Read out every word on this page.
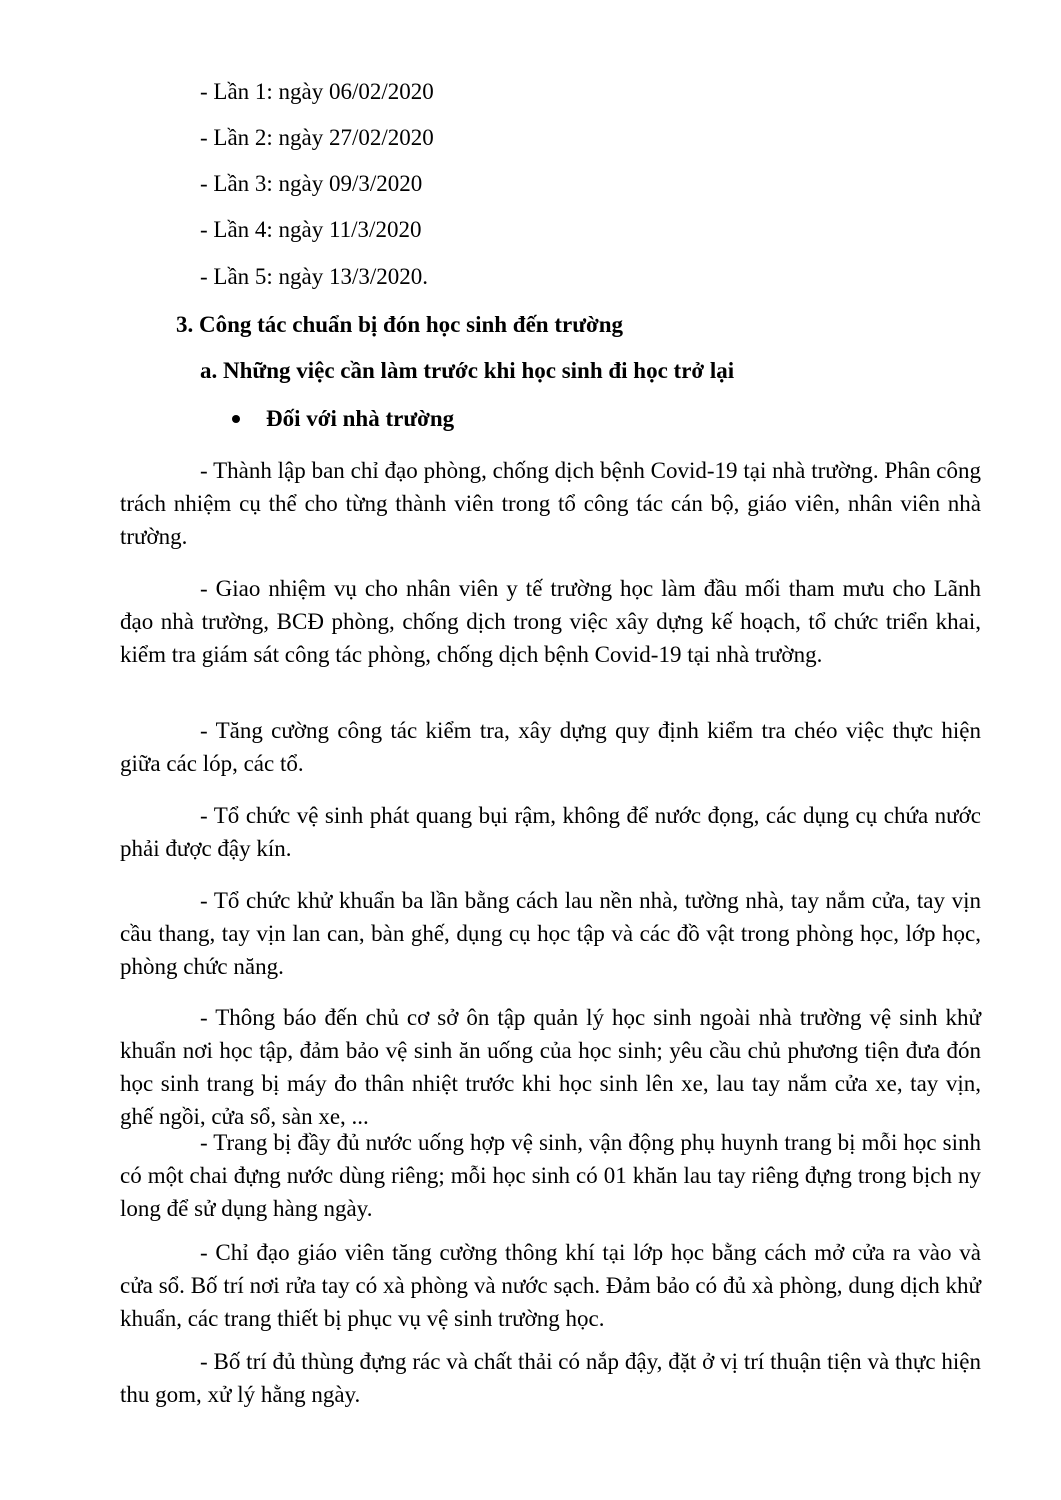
- Lần 1: ngày 06/02/2020
- Lần 2: ngày 27/02/2020
- Lần 3: ngày 09/3/2020
- Lần 4: ngày 11/3/2020
- Lần 5: ngày 13/3/2020.
3. Công tác chuẩn bị đón học sinh đến trường
a. Những việc cần làm trước khi học sinh đi học trở lại
Đối với nhà trường

- Thành lập ban chỉ đạo phòng, chống dịch bệnh Covid-19 tại nhà trường. Phân công trách nhiệm cụ thể cho từng thành viên trong tổ công tác cán bộ, giáo viên, nhân viên nhà trường.

- Giao nhiệm vụ cho nhân viên y tế trường học làm đầu mối tham mưu cho Lãnh đạo nhà trường, BCĐ phòng, chống dịch trong việc xây dựng kế hoạch, tổ chức triển khai, kiểm tra giám sát công tác phòng, chống dịch bệnh Covid-19 tại nhà trường.

- Tăng cường công tác kiểm tra, xây dựng quy định kiểm tra chéo việc thực hiện giữa các lóp, các tổ.

- Tổ chức vệ sinh phát quang bụi rậm, không để nước đọng, các dụng cụ chứa nước phải được đậy kín.

- Tổ chức khử khuẩn ba lần bằng cách lau nền nhà, tường nhà, tay nắm cửa, tay vịn cầu thang, tay vịn lan can, bàn ghế, dụng cụ học tập và các đồ vật trong phòng học, lớp học, phòng chức năng.

- Thông báo đến chủ cơ sở ôn tập quản lý học sinh ngoài nhà trường vệ sinh khử khuẩn nơi học tập, đảm bảo vệ sinh ăn uống của học sinh; yêu cầu chủ phương tiện đưa đón học sinh trang bị máy đo thân nhiệt trước khi học sinh lên xe, lau tay nắm cửa xe, tay vịn, ghế ngồi, cửa sổ, sàn xe, ...

- Trang bị đầy đủ nước uống hợp vệ sinh, vận động phụ huynh trang bị mỗi học sinh có một chai đựng nước dùng riêng; mỗi học sinh có 01 khăn lau tay riêng đựng trong bịch ny long để sử dụng hàng ngày.

- Chỉ đạo giáo viên tăng cường thông khí tại lớp học bằng cách mở cửa ra vào và cửa sổ. Bố trí nơi rửa tay có xà phòng và nước sạch. Đảm bảo có đủ xà phòng, dung dịch khử khuẩn, các trang thiết bị phục vụ vệ sinh trường học.

- Bố trí đủ thùng đựng rác và chất thải có nắp đậy, đặt ở vị trí thuận tiện và thực hiện thu gom, xử lý hằng ngày.
